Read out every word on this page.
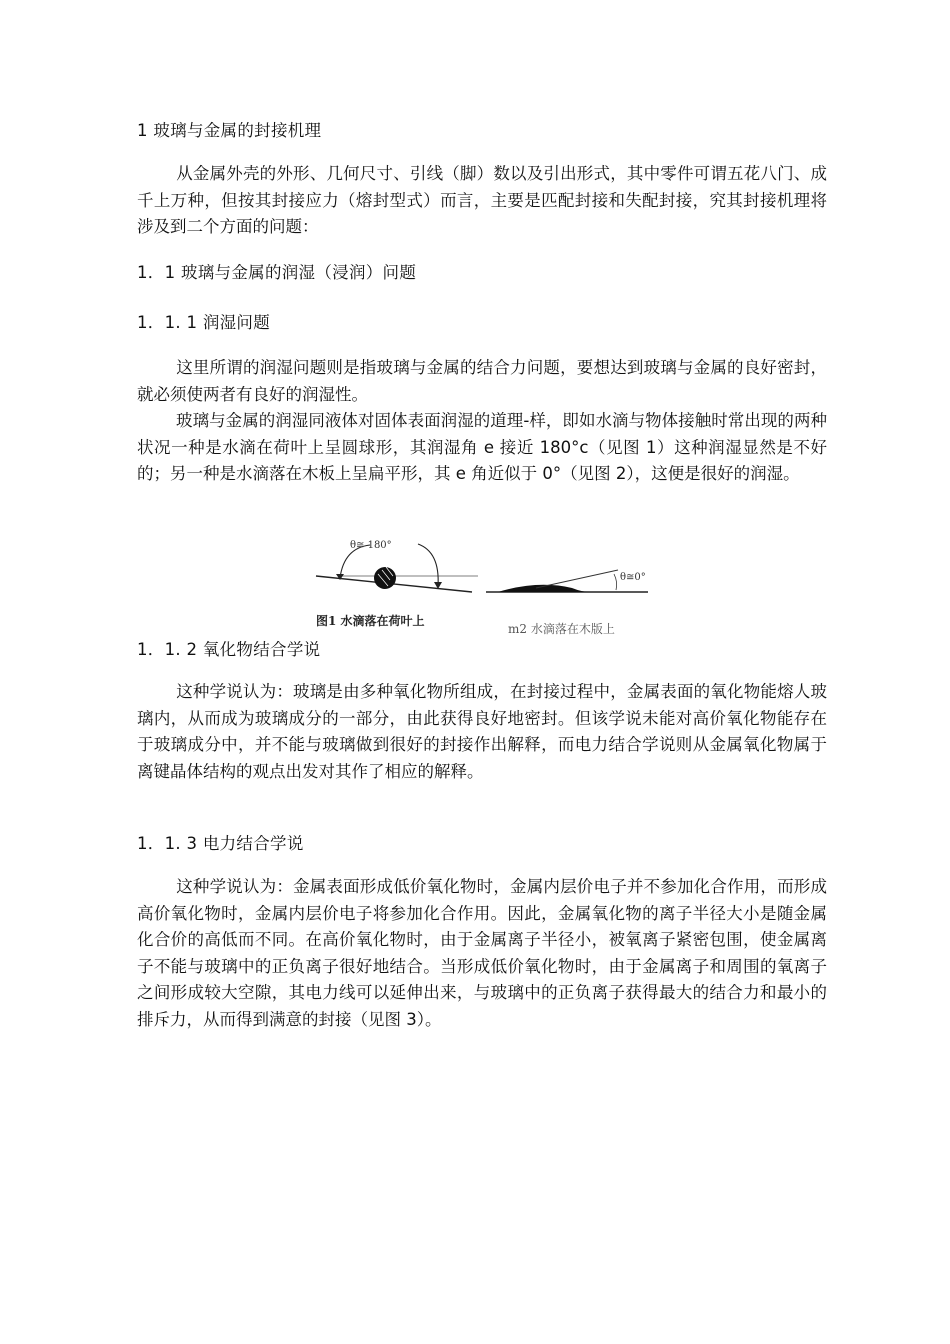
1 玻璃与金属的封接机理
从金属外壳的外形、几何尺寸、引线（脚）数以及引出形式，其中零件可谓五花八门、成千上万种，但按其封接应力（熔封型式）而言，主要是匹配封接和失配封接，究其封接机理将涉及到二个方面的问题：
1．1 玻璃与金属的润湿（浸润）问题
1．1. 1 润湿问题
这里所谓的润湿问题则是指玻璃与金属的结合力问题，要想达到玻璃与金属的良好密封，就必须使两者有良好的润湿性。
玻璃与金属的润湿同液体对固体表面润湿的道理-样，即如水滴与物体接触时常出现的两种状况一种是水滴在荷叶上呈圆球形，其润湿角 e 接近 180°c（见图 1）这种润湿显然是不好的；另一种是水滴落在木板上呈扁平形，其 e 角近似于 0°（见图 2），这便是很好的润湿。
θ≅ 180°
θ≅0°
图1 水滴落在荷叶上
m2 水滴落在木版上
1．1. 2 氧化物结合学说
这种学说认为：玻璃是由多种氧化物所组成，在封接过程中，金属表面的氧化物能熔人玻璃内，从而成为玻璃成分的一部分，由此获得良好地密封。但该学说未能对高价氧化物能存在于玻璃成分中，并不能与玻璃做到很好的封接作出解释，而电力结合学说则从金属氧化物属于离键晶体结构的观点出发对其作了相应的解释。
1．1. 3 电力结合学说
这种学说认为：金属表面形成低价氧化物时，金属内层价电子并不参加化合作用，而形成高价氧化物时，金属内层价电子将参加化合作用。因此，金属氧化物的离子半径大小是随金属化合价的高低而不同。在高价氧化物时，由于金属离子半径小，被氧离子紧密包围，使金属离子不能与玻璃中的正负离子很好地结合。当形成低价氧化物时，由于金属离子和周围的氧离子之间形成较大空隙，其电力线可以延伸出来，与玻璃中的正负离子获得最大的结合力和最小的排斥力，从而得到满意的封接（见图 3）。
